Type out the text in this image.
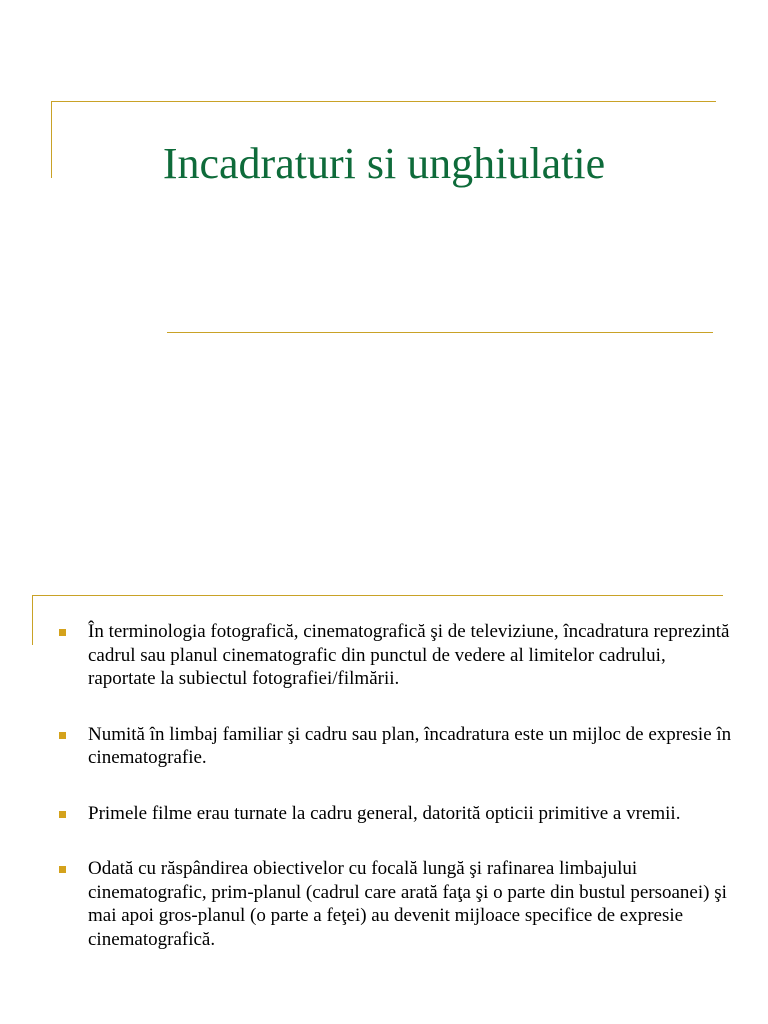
Incadraturi si unghiulatie
În terminologia fotografică, cinematografică şi de televiziune, încadratura reprezintă cadrul sau planul cinematografic din punctul de vedere al limitelor cadrului, raportate la subiectul fotografiei/filmării.
Numită în limbaj familiar şi cadru sau plan, încadratura este un mijloc de expresie în cinematografie.
Primele filme erau turnate la cadru general, datorită opticii primitive a vremii.
Odată cu răspândirea obiectivelor cu focală lungă şi rafinarea limbajului cinematografic, prim-planul (cadrul care arată faţa şi o parte din bustul persoanei) şi mai apoi gros-planul (o parte a feţei) au devenit mijloace specifice de expresie cinematografică.
